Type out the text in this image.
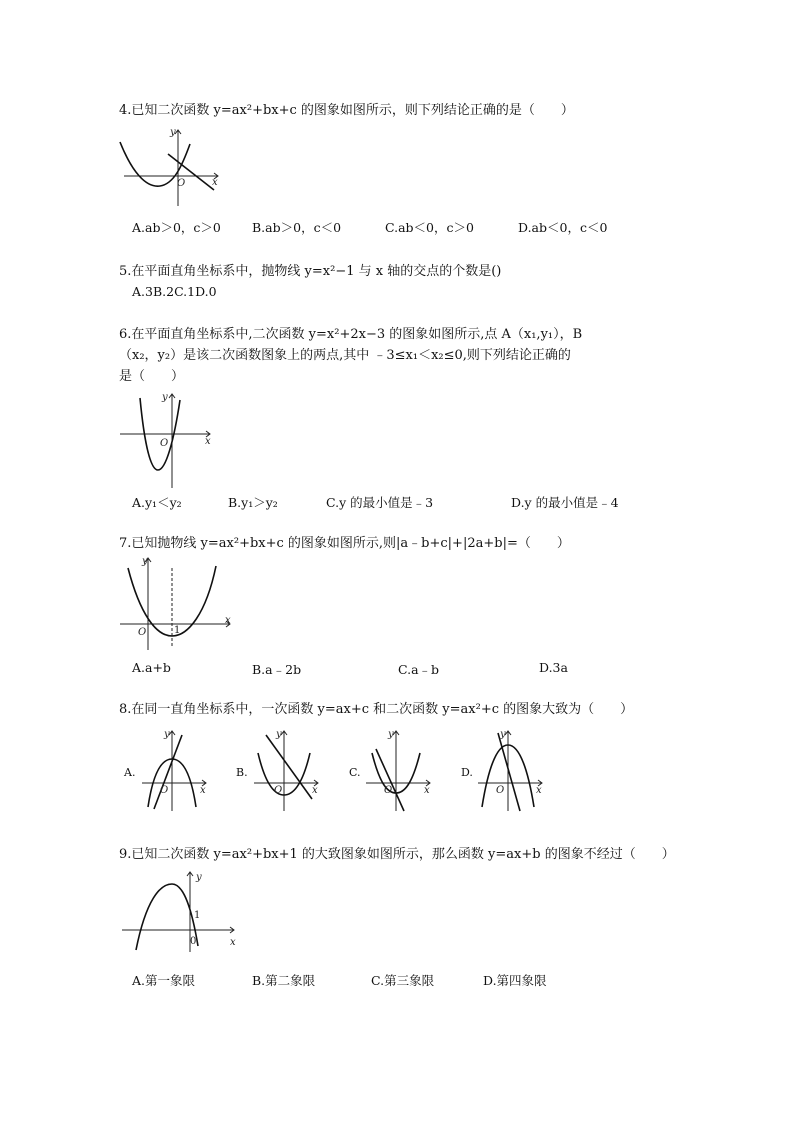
4.已知二次函数 y=ax²+bx+c 的图象如图所示，则下列结论正确的是（　　）
y
O	x
A.ab＞0，c＞0 B.ab＞0，c＜0	C.ab＜0，c＞0	D.ab＜0，c＜0
5.在平面直角坐标系中，抛物线 y=x²−1 与 x 轴的交点的个数是()
A.3B.2C.1D.0
6.在平面直角坐标系中,二次函数 y=x²+2x−3 的图象如图所示,点 A（x₁,y₁），B
（x₂，y₂）是该二次函数图象上的两点,其中 ﹣3≤x₁＜x₂≤0,则下列结论正确的
是（　　）
y
O	x
A.y₁＜y₂	B.y₁＞y₂	C.y 的最小值是﹣3	D.y 的最小值是﹣4
7.已知抛物线 y=ax²+bx+c 的图象如图所示,则|a﹣b+c|+|2a+b|=（　　）
y
O	1
x
A.a+b	B.a﹣2b	C.a﹣b	D.3a
8.在同一直角坐标系中，一次函数 y=ax+c 和二次函数 y=ax²+c 的图象大致为（　　）
A.
y
O	x
B.
y
O	x
C.
y
O	x
D.
y
O	x
9.已知二次函数 y=ax²+bx+1 的大致图象如图所示，那么函数 y=ax+b 的图象不经过（　　）
y
1
0	x
A.第一象限	B.第二象限	C.第三象限	D.第四象限
